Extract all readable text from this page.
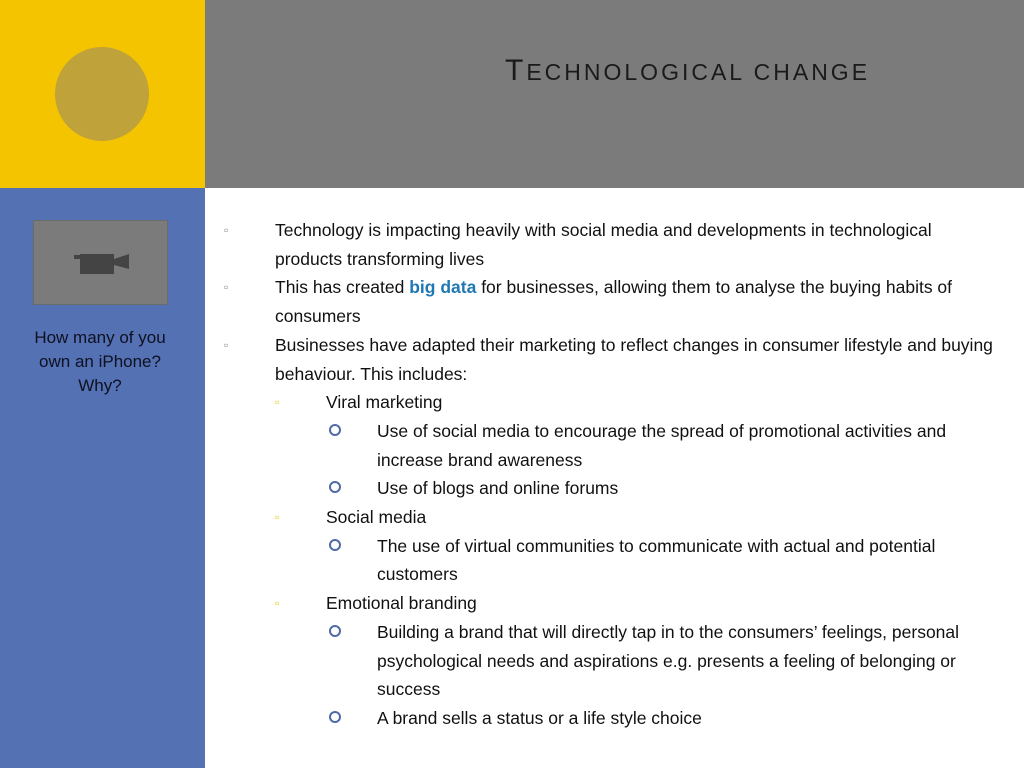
TECHNOLOGICAL CHANGE
How many of you own an iPhone? Why?
▫	Technology is impacting heavily with social media and developments in technological products transforming lives
▫	This has created big data for businesses, allowing them to analyse the buying habits of consumers
▫	Businesses have adapted their marketing to reflect changes in consumer lifestyle and buying behaviour. This includes:
▫	Viral marketing
Use of social media to encourage the spread of promotional activities and increase brand awareness
Use of blogs and online forums
▫	Social media
The use of virtual communities to communicate with actual and potential customers
▫	Emotional branding
Building a brand that will directly tap in to the consumers’ feelings, personal psychological needs and aspirations e.g. presents a feeling of belonging or success
A brand sells a status or a life style choice
